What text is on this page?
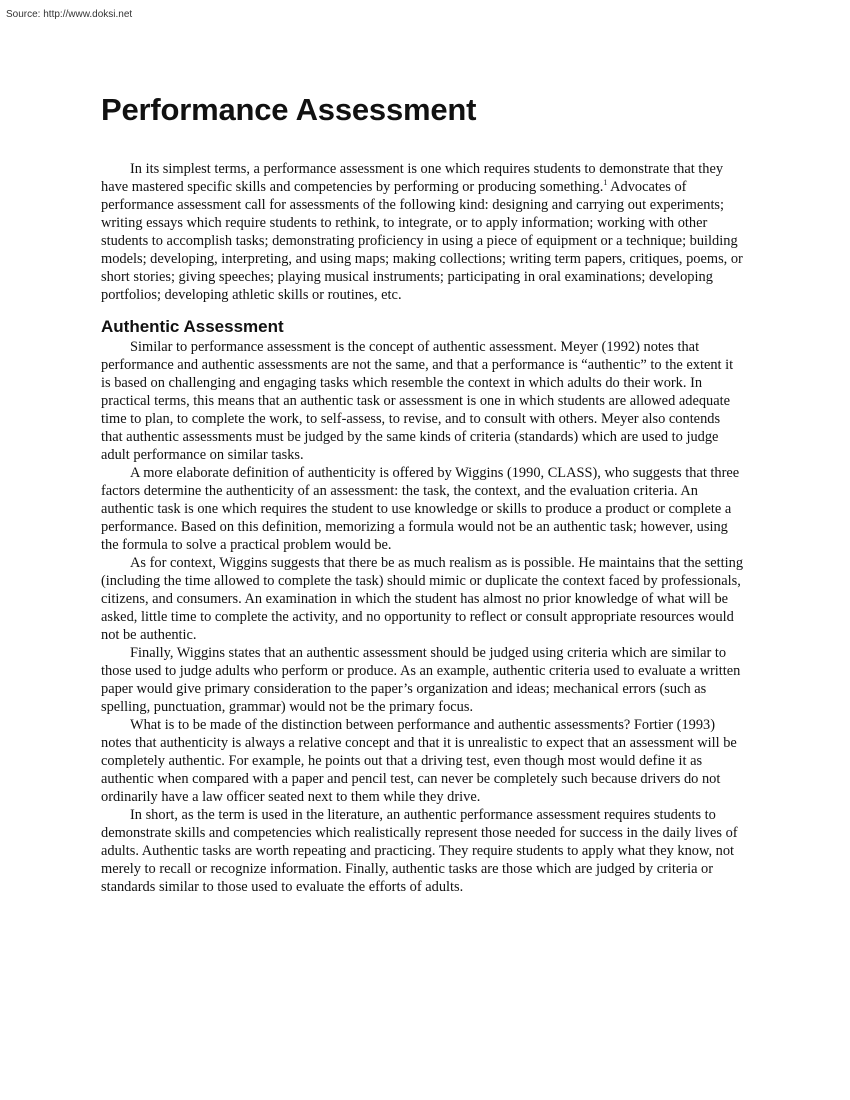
Source: http://www.doksi.net
Performance Assessment

In its simplest terms, a performance assessment is one which requires students to demonstrate that they have mastered specific skills and competencies by performing or producing something.$^1$ Advocates of performance assessment call for assessments of the following kind: designing and carrying out experiments; writing essays which require students to rethink, to integrate, or to apply information; working with other students to accomplish tasks; demonstrating proficiency in using a piece of equipment or a technique; building models; developing, interpreting, and using maps; making collections; writing term papers, critiques, poems, or short stories; giving speeches; playing musical instruments; participating in oral examinations; developing portfolios; developing athletic skills or routines, etc.

Authentic Assessment

Similar to performance assessment is the concept of authentic assessment. Meyer (1992) notes that performance and authentic assessments are not the same, and that a performance is “authentic” to the extent it is based on challenging and engaging tasks which resemble the context in which adults do their work. In practical terms, this means that an authentic task or assessment is one in which students are allowed adequate time to plan, to complete the work, to self-assess, to revise, and to consult with others. Meyer also contends that authentic assessments must be judged by the same kinds of criteria (standards) which are used to judge adult performance on similar tasks.

A more elaborate definition of authenticity is offered by Wiggins (1990, CLASS), who suggests that three factors determine the authenticity of an assessment: the task, the context, and the evaluation criteria. An authentic task is one which requires the student to use knowledge or skills to produce a product or complete a performance. Based on this definition, memorizing a formula would not be an authentic task; however, using the formula to solve a practical problem would be.

As for context, Wiggins suggests that there be as much realism as is possible. He maintains that the setting (including the time allowed to complete the task) should mimic or duplicate the context faced by professionals, citizens, and consumers. An examination in which the student has almost no prior knowledge of what will be asked, little time to complete the activity, and no opportunity to reflect or consult appropriate resources would not be authentic.

Finally, Wiggins states that an authentic assessment should be judged using criteria which are similar to those used to judge adults who perform or produce. As an example, authentic criteria used to evaluate a written paper would give primary consideration to the paper’s organization and ideas; mechanical errors (such as spelling, punctuation, grammar) would not be the primary focus.

What is to be made of the distinction between performance and authentic assessments? Fortier (1993) notes that authenticity is always a relative concept and that it is unrealistic to expect that an assessment will be completely authentic. For example, he points out that a driving test, even though most would define it as authentic when compared with a paper and pencil test, can never be completely such because drivers do not ordinarily have a law officer seated next to them while they drive.

In short, as the term is used in the literature, an authentic performance assessment requires students to demonstrate skills and competencies which realistically represent those needed for success in the daily lives of adults. Authentic tasks are worth repeating and practicing. They require students to apply what they know, not merely to recall or recognize information. Finally, authentic tasks are those which are judged by criteria or standards similar to those used to evaluate the efforts of adults.
